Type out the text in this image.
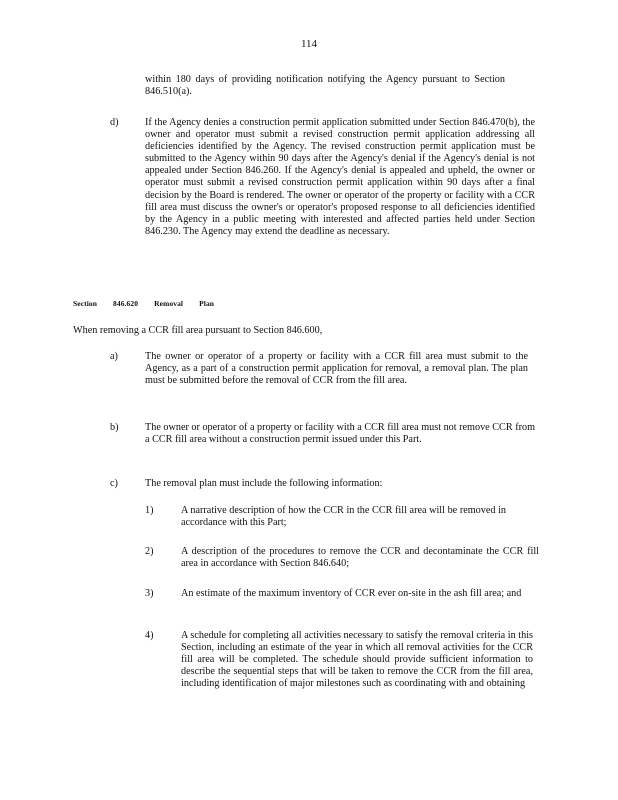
114
within 180 days of providing notification notifying the Agency pursuant to Section 846.510(a).
d)	If the Agency denies a construction permit application submitted under Section 846.470(b), the owner and operator must submit a revised construction permit application addressing all deficiencies identified by the Agency. The revised construction permit application must be submitted to the Agency within 90 days after the Agency's denial if the Agency's denial is not appealed under Section 846.260. If the Agency's denial is appealed and upheld, the owner or operator must submit a revised construction permit application within 90 days after a final decision by the Board is rendered. The owner or operator of the property or facility with a CCR fill area must discuss the owner's or operator's proposed response to all deficiencies identified by the Agency in a public meeting with interested and affected parties held under Section 846.230. The Agency may extend the deadline as necessary.
Section 846.620 Removal Plan
When removing a CCR fill area pursuant to Section 846.600,
a)	The owner or operator of a property or facility with a CCR fill area must submit to the Agency, as a part of a construction permit application for removal, a removal plan. The plan must be submitted before the removal of CCR from the fill area.
b)	The owner or operator of a property or facility with a CCR fill area must not remove CCR from a CCR fill area without a construction permit issued under this Part.
c)	The removal plan must include the following information:
1)	A narrative description of how the CCR in the CCR fill area will be removed in accordance with this Part;
2)	A description of the procedures to remove the CCR and decontaminate the CCR fill area in accordance with Section 846.640;
3)	An estimate of the maximum inventory of CCR ever on-site in the ash fill area; and
4)	A schedule for completing all activities necessary to satisfy the removal criteria in this Section, including an estimate of the year in which all removal activities for the CCR fill area will be completed. The schedule should provide sufficient information to describe the sequential steps that will be taken to remove the CCR from the fill area, including identification of major milestones such as coordinating with and obtaining
